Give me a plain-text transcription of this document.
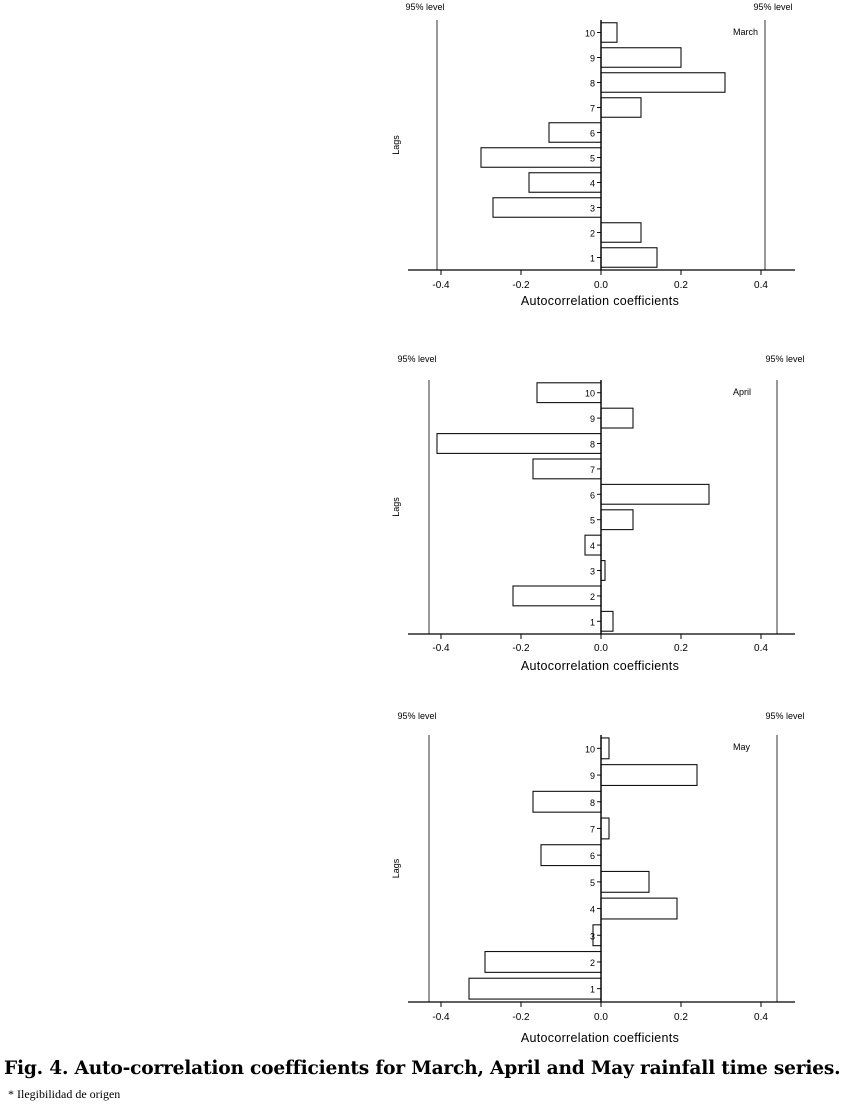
95% level	95% level
March
Lags
1
2
3
4
5
6
7
8
9
10
-0.4	-0.2	0.0	0.2	0.4
Autocorrelation coefficients
95% level	95% level
April
Lags
1
2
3
4
5
6
7
8
9
10
-0.4	-0.2	0.0	0.2	0.4
Autocorrelation coefficients
95% level	95% level
May
Lags
1
2
3
4
5
6
7
8
9
10
-0.4	-0.2	0.0	0.2	0.4
Autocorrelation coefficients
Fig. 4. Auto-correlation coefficients for March, April and May rainfall time series.
* Ilegibilidad de origen
